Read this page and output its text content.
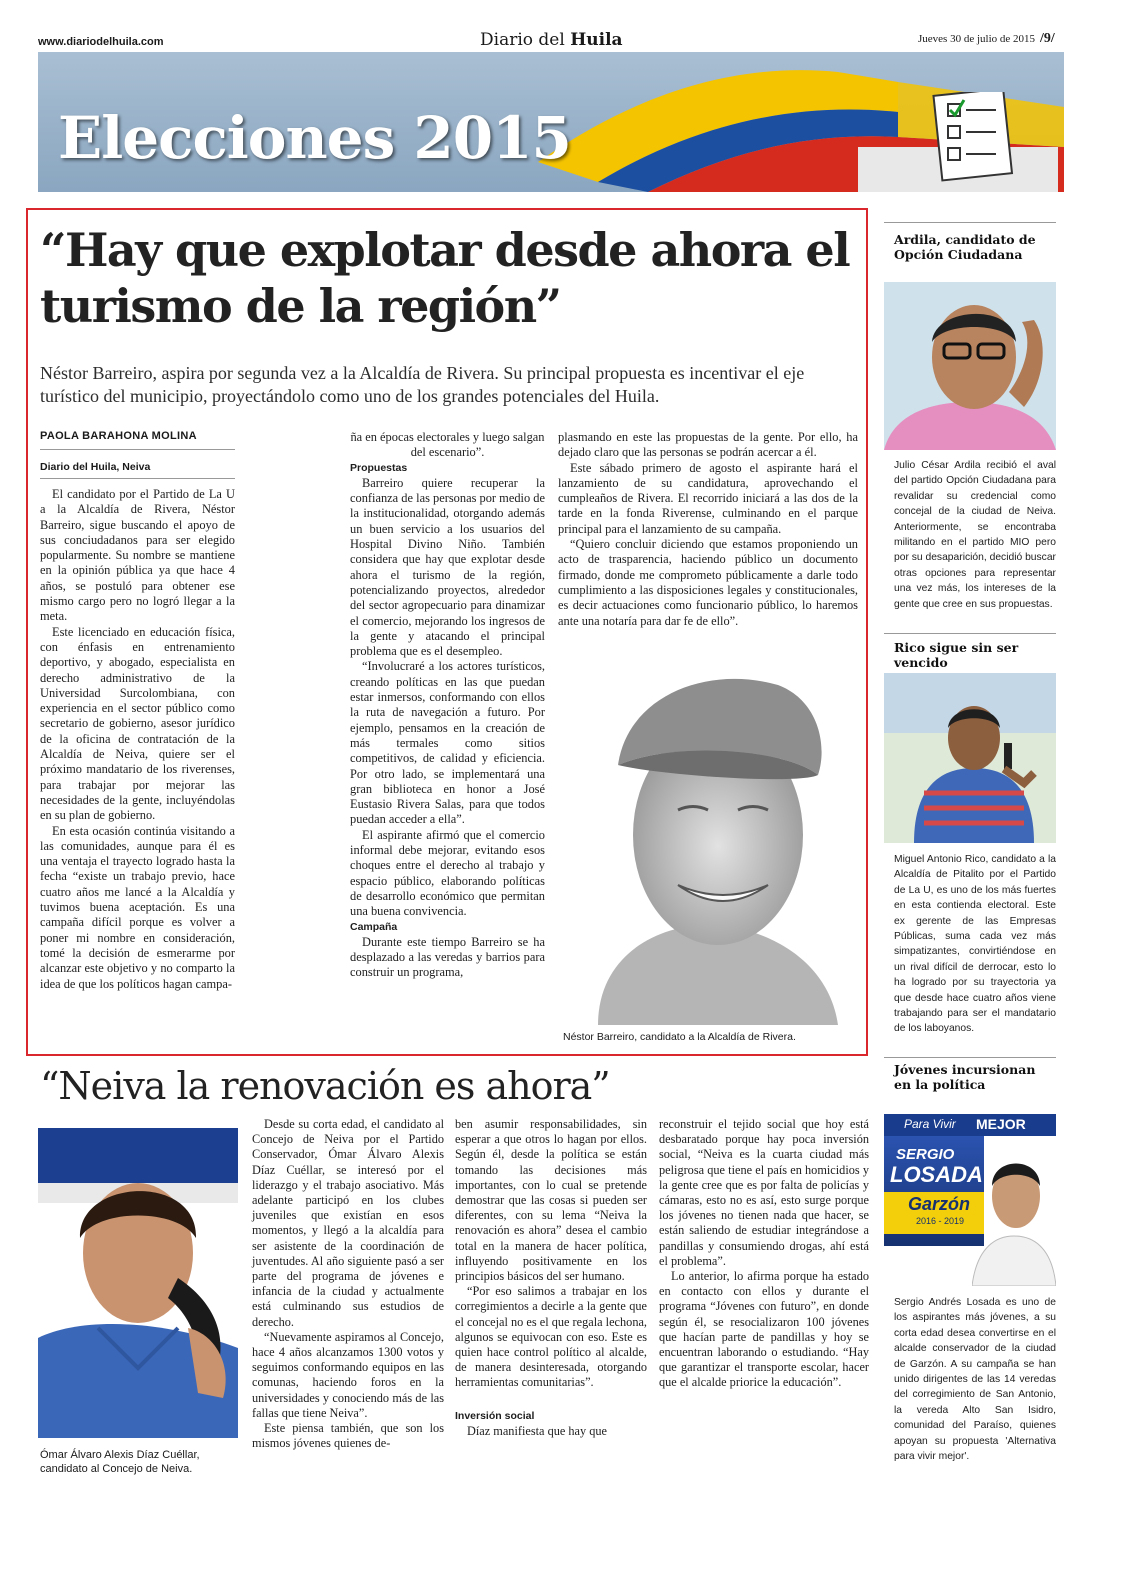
www.diariodelhuila.com	Diario del Huila	Jueves 30 de julio de 2015 /9/
Elecciones 2015
“Hay que explotar desde ahora el turismo de la región”
Néstor Barreiro, aspira por segunda vez a la Alcaldía de Rivera. Su principal propuesta es incentivar el eje turístico del municipio, proyectándolo como uno de los grandes potenciales del Huila.
PAOLA BARAHONA MOLINA
Diario del Huila, Neiva

El candidato por el Partido de La U a la Alcaldía de Rivera, Néstor Barreiro, sigue buscando el apoyo de sus conciudadanos para ser elegido popularmente. Su nombre se mantiene en la opinión pública ya que hace 4 años, se postuló para obtener ese mismo cargo pero no logró llegar a la meta.

Este licenciado en educación física, con énfasis en entrenamiento deportivo, y abogado, especialista en derecho administrativo de la Universidad Surcolombiana, con experiencia en el sector público como secretario de gobierno, asesor jurídico de la oficina de contratación de la Alcaldía de Neiva, quiere ser el próximo mandatario de los riverenses, para trabajar por mejorar las necesidades de la gente, incluyéndolas en su plan de gobierno.

En esta ocasión continúa visitando a las comunidades, aunque para él es una ventaja el trayecto logrado hasta la fecha “existe un trabajo previo, hace cuatro años me lancé a la Alcaldía y tuvimos buena aceptación. Es una campaña difícil porque es volver a poner mi nombre en consideración, tomé la decisión de esmerarme por alcanzar este objetivo y no comparto la idea de que los políticos hagan campa-

ña en épocas electorales y luego salgan del escenario”.

Propuestas

Barreiro quiere recuperar la confianza de las personas por medio de la institucionalidad, otorgando además un buen servicio a los usuarios del Hospital Divino Niño. También considera que hay que explotar desde ahora el turismo de la región, potencializando proyectos, alrededor del sector agropecuario para dinamizar el comercio, mejorando los ingresos de la gente y atacando el principal problema que es el desempleo.

“Involucraré a los actores turísticos, creando políticas en las que puedan estar inmersos, conformando con ellos la ruta de navegación a futuro. Por ejemplo, pensamos en la creación de más termales como sitios competitivos, de calidad y eficiencia. Por otro lado, se implementará una gran biblioteca en honor a José Eustasio Rivera Salas, para que todos puedan acceder a ella”.

El aspirante afirmó que el comercio informal debe mejorar, evitando esos choques entre el derecho al trabajo y espacio público, elaborando políticas de desarrollo económico que permitan una buena convivencia.

Campaña

Durante este tiempo Barreiro se ha desplazado a las veredas y barrios para construir un programa,

plasmando en este las propuestas de la gente. Por ello, ha dejado claro que las personas se podrán acercar a él.

Este sábado primero de agosto el aspirante hará el lanzamiento de su candidatura, aprovechando el cumpleaños de Rivera. El recorrido iniciará a las dos de la tarde en la fonda Riverense, culminando en el parque principal para el lanzamiento de su campaña.

“Quiero concluir diciendo que estamos proponiendo un acto de trasparencia, haciendo público un documento firmado, donde me comprometo públicamente a darle todo cumplimiento a las disposiciones legales y constitucionales, es decir actuaciones como funcionario público, lo haremos ante una notaría para dar fe de ello”.

Néstor Barreiro, candidato a la Alcaldía de Rivera.
Ardila, candidato de Opción Ciudadana
Julio César Ardila recibió el aval del partido Opción Ciudadana para revalidar su credencial como concejal de la ciudad de Neiva. Anteriormente, se encontraba militando en el partido MIO pero por su desaparición, decidió buscar otras opciones para representar una vez más, los intereses de la gente que cree en sus propuestas.
Rico sigue sin ser vencido
Miguel Antonio Rico, candidato a la Alcaldía de Pitalito por el Partido de La U, es uno de los más fuertes en esta contienda electoral. Este ex gerente de las Empresas Públicas, suma cada vez más simpatizantes, convirtiéndose en un rival difícil de derrocar, esto lo ha logrado por su trayectoria ya que desde hace cuatro años viene trabajando para ser el mandatario de los laboyanos.
Jóvenes incursionan en la política
Para Vivir MEJOR
SERGIO
LOSADA
Garzón
2016 - 2019
Sergio Andrés Losada es uno de los aspirantes más jóvenes, a su corta edad desea convertirse en el alcalde conservador de la ciudad de Garzón. A su campaña se han unido dirigentes de las 14 veredas del corregimiento de San Antonio, la vereda Alto San Isidro, comunidad del Paraíso, quienes apoyan su propuesta 'Alternativa para vivir mejor'.
“Neiva la renovación es ahora”
Ómar Álvaro Alexis Díaz Cuéllar, candidato al Concejo de Neiva.

Desde su corta edad, el candidato al Concejo de Neiva por el Partido Conservador, Ómar Álvaro Alexis Díaz Cuéllar, se interesó por el liderazgo y el trabajo asociativo. Más adelante participó en los clubes juveniles que existían en esos momentos, y llegó a la alcaldía para ser asistente de la coordinación de juventudes. Al año siguiente pasó a ser parte del programa de jóvenes e infancia de la ciudad y actualmente está culminando sus estudios de derecho.

“Nuevamente aspiramos al Concejo, hace 4 años alcanzamos 1300 votos y seguimos conformando equipos en las comunas, haciendo foros en la universidades y conociendo más de las fallas que tiene Neiva”.

Este piensa también, que son los mismos jóvenes quienes de-

ben asumir responsabilidades, sin esperar a que otros lo hagan por ellos. Según él, desde la política se están tomando las decisiones más importantes, con lo cual se pretende demostrar que las cosas si pueden ser diferentes, con su lema “Neiva la renovación es ahora” desea el cambio total en la manera de hacer política, influyendo positivamente en los principios básicos del ser humano.

“Por eso salimos a trabajar en los corregimientos a decirle a la gente que el concejal no es el que regala lechona, algunos se equivocan con eso. Este es quien hace control político al alcalde, de manera desinteresada, otorgando herramientas comunitarias”.

Inversión social

Díaz manifiesta que hay que

reconstruir el tejido social que hoy está desbaratado porque hay poca inversión social, “Neiva es la cuarta ciudad más peligrosa que tiene el país en homicidios y la gente cree que es por falta de policías y cámaras, esto no es así, esto surge porque los jóvenes no tienen nada que hacer, se están saliendo de estudiar integrándose a pandillas y consumiendo drogas, ahí está el problema”.

Lo anterior, lo afirma porque ha estado en contacto con ellos y durante el programa “Jóvenes con futuro”, en donde según él, se resocializaron 100 jóvenes que hacían parte de pandillas y hoy se encuentran laborando o estudiando. “Hay que garantizar el transporte escolar, hacer que el alcalde priorice la educación”.
